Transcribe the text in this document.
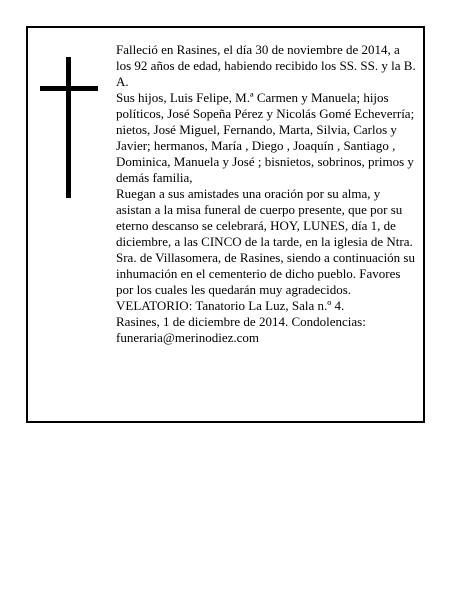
Falleció en Rasines, el día 30 de noviembre de 2014, a los 92 años de edad, habiendo recibido los SS. SS. y la B. A.

Sus hijos, Luis Felipe, M.ª Carmen y Manuela; hijos políticos, José Sopeña Pérez y Nicolás Gomé Echeverría; nietos, José Miguel, Fernando, Marta, Silvia, Carlos y Javier; hermanos, María , Diego , Joaquín , Santiago , Dominica, Manuela y José ; bisnietos, sobrinos, primos y demás familia,

Ruegan a sus amistades una oración por su alma, y asistan a la misa funeral de cuerpo presente, que por su eterno descanso se celebrará, HOY, LUNES, día 1, de diciembre, a las CINCO de la tarde, en la iglesia de Ntra. Sra. de Villasomera, de Rasines, siendo a continuación su inhumación en el cementerio de dicho pueblo. Favores por los cuales les quedarán muy agradecidos. VELATORIO: Tanatorio La Luz, Sala n.º 4.

Rasines, 1 de diciembre de 2014. Condolencias: funeraria@merinodiez.com
